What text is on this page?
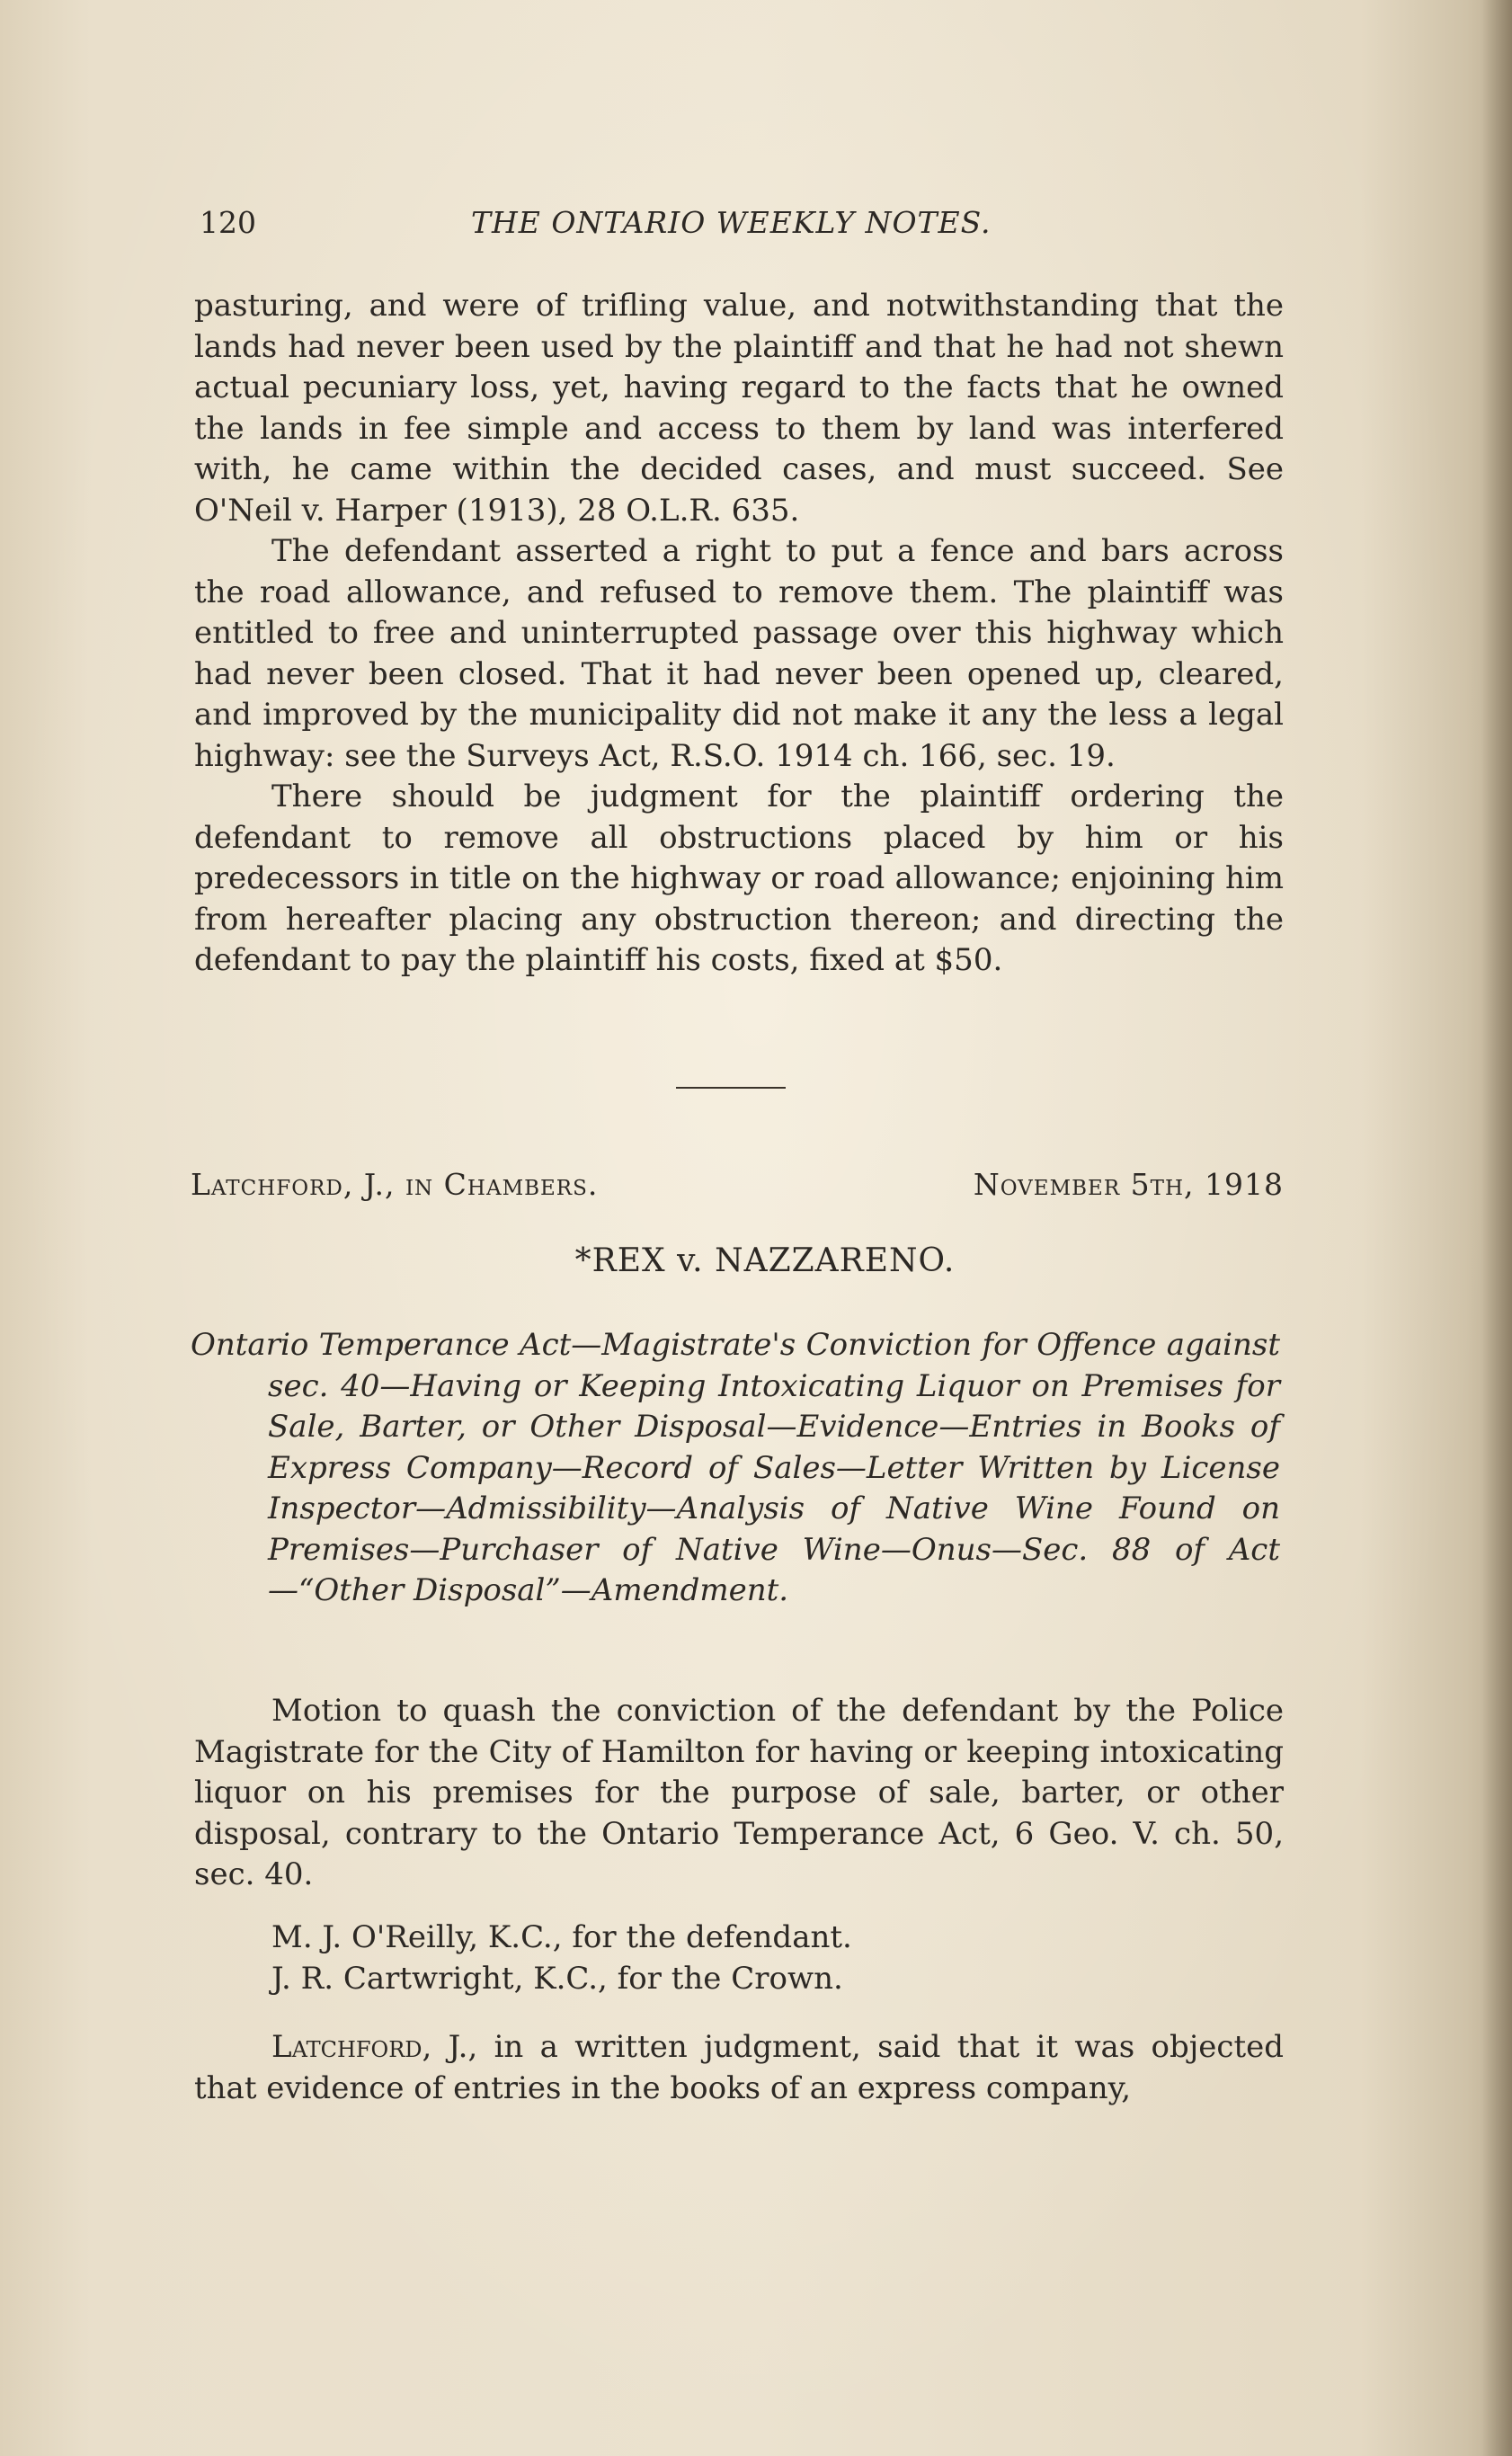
120	THE ONTARIO WEEKLY NOTES.

pasturing, and were of trifling value, and notwithstanding that the lands had never been used by the plaintiff and that he had not shewn actual pecuniary loss, yet, having regard to the facts that he owned the lands in fee simple and access to them by land was interfered with, he came within the decided cases, and must succeed. See O'Neil v. Harper (1913), 28 O.L.R. 635.

The defendant asserted a right to put a fence and bars across the road allowance, and refused to remove them. The plaintiff was entitled to free and uninterrupted passage over this highway which had never been closed. That it had never been opened up, cleared, and improved by the municipality did not make it any the less a legal highway: see the Surveys Act, R.S.O. 1914 ch. 166, sec. 19.

There should be judgment for the plaintiff ordering the defendant to remove all obstructions placed by him or his predecessors in title on the highway or road allowance; enjoining him from hereafter placing any obstruction thereon; and directing the defendant to pay the plaintiff his costs, fixed at $50.

Latchford, J., in Chambers.	November 5th, 1918
*REX v. NAZZARENO.

Ontario Temperance Act—Magistrate's Conviction for Offence against sec. 40—Having or Keeping Intoxicating Liquor on Premises for Sale, Barter, or Other Disposal—Evidence—Entries in Books of Express Company—Record of Sales—Letter Written by License Inspector—Admissibility—Analysis of Native Wine Found on Premises—Purchaser of Native Wine—Onus—Sec. 88 of Act—“Other Disposal”—Amendment.

Motion to quash the conviction of the defendant by the Police Magistrate for the City of Hamilton for having or keeping intoxicating liquor on his premises for the purpose of sale, barter, or other disposal, contrary to the Ontario Temperance Act, 6 Geo. V. ch. 50, sec. 40.

M. J. O'Reilly, K.C., for the defendant.

J. R. Cartwright, K.C., for the Crown.

Latchford, J., in a written judgment, said that it was objected that evidence of entries in the books of an express company,
